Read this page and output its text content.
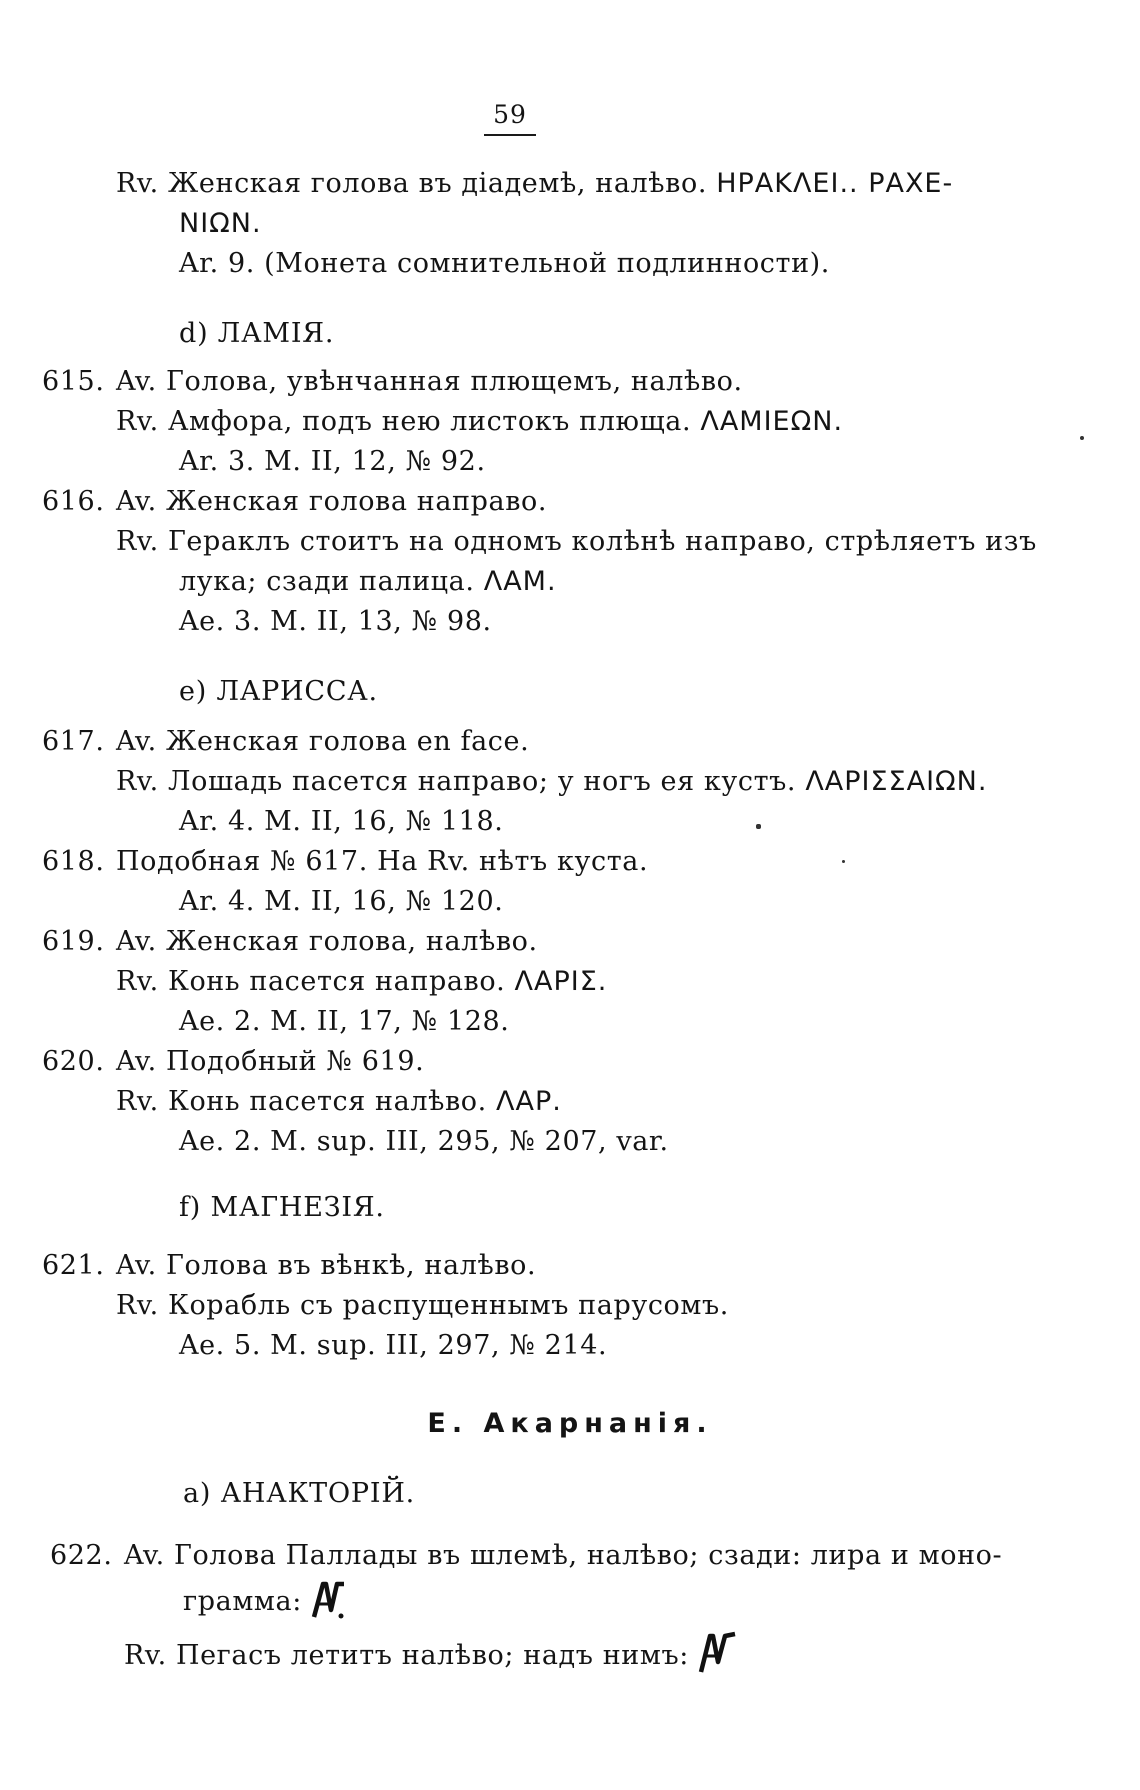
59
Rv. Женская голова въ діадемѣ, налѣво. ΗΡΑΚΛΕΙ.. ΡΑΧΕ-
ΝΙΩΝ.
Ar. 9. (Монета сомнительной подлинности).
d) ЛАМІЯ.
615. Av. Голова, увѣнчанная плющемъ, налѣво.
Rv. Амфора, подъ нею листокъ плюща. ΛΑΜΙΕΩΝ.
Ar. 3. M. II, 12, № 92.
616. Av. Женская голова направо.
Rv. Гераклъ стоитъ на одномъ колѣнѣ направо, стрѣляетъ изъ
лука; сзади палица. ΛΑΜ.
Ae. 3. M. II, 13, № 98.
e) ЛАРИССА.
617. Av. Женская голова en face.
Rv. Лошадь пасется направо; у ногъ ея кустъ. ΛΑΡΙΣΣΑΙΩΝ.
Ar. 4. M. II, 16, № 118.
618. Подобная № 617. На Rv. нѣтъ куста.
Ar. 4. M. II, 16, № 120.
619. Av. Женская голова, налѣво.
Rv. Конь пасется направо. ΛΑΡΙΣ.
Ae. 2. M. II, 17, № 128.
620. Av. Подобный № 619.
Rv. Конь пасется налѣво. ΛΑΡ.
Ae. 2. M. sup. III, 295, № 207, var.
f) МАГНЕЗІЯ.
621. Av. Голова въ вѣнкѣ, налѣво.
Rv. Корабль съ распущеннымъ парусомъ.
Ae. 5. M. sup. III, 297, № 214.
E. Акарнанія.
a) АНАКТОРІЙ.
622. Av. Голова Паллады въ шлемѣ, налѣво; сзади: лира и моно-
грамма:
Rv. Пегасъ летитъ налѣво; надъ нимъ:
